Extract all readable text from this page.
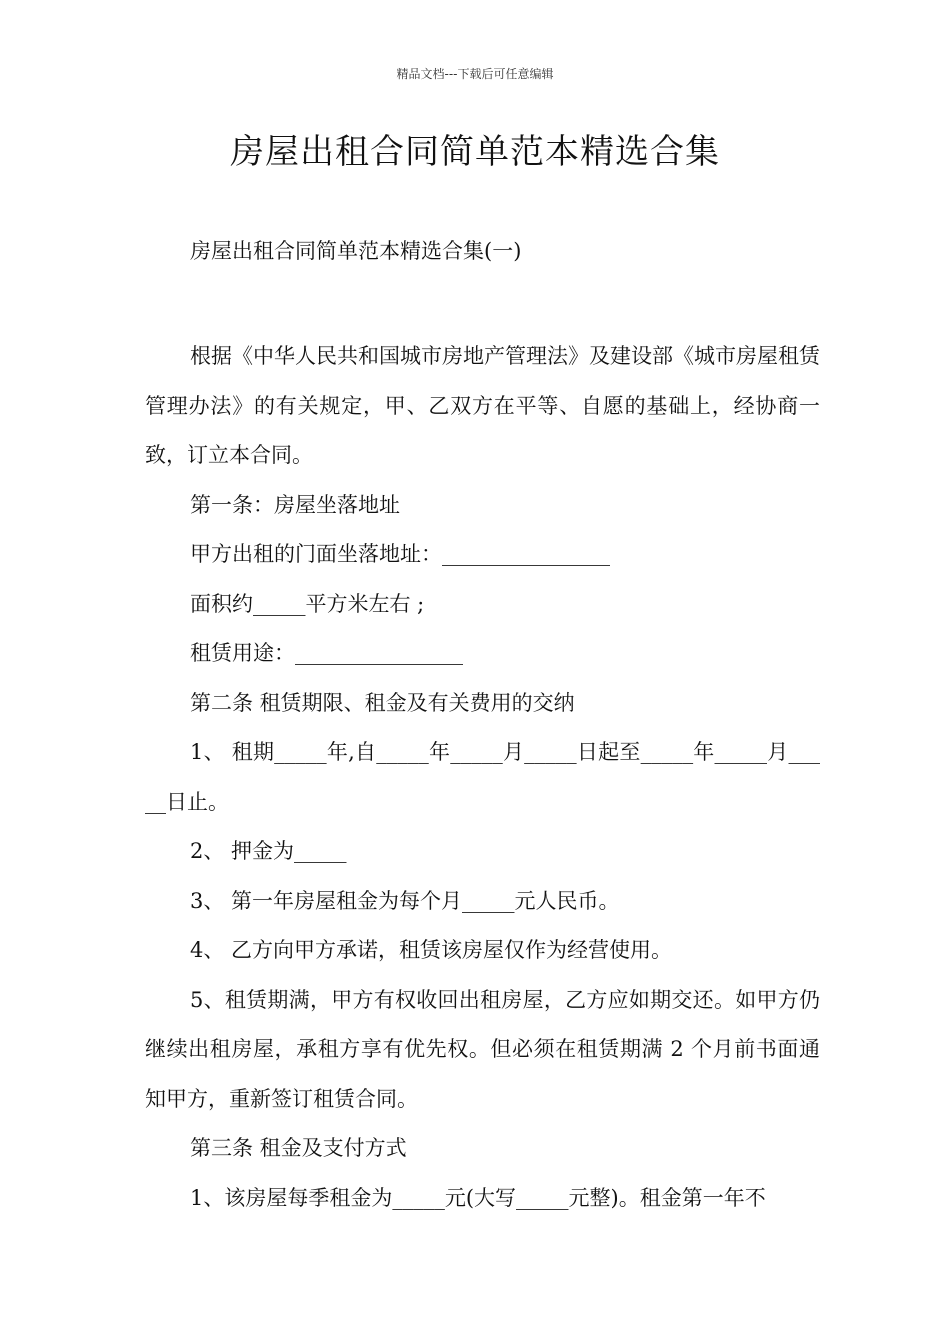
精品文档---下载后可任意编辑
房屋出租合同简单范本精选合集
房屋出租合同简单范本精选合集(一)

根据《中华人民共和国城市房地产管理法》及建设部《城市房屋租赁管理办法》的有关规定，甲、乙双方在平等、自愿的基础上，经协商一致，订立本合同。

第一条：房屋坐落地址

甲方出租的门面坐落地址：________________

面积约_____平方米左右 ;

租赁用途：________________

第二条 租赁期限、租金及有关费用的交纳

1、 租期_____年,自_____年_____月_____日起至_____年_____月_____日止。

2、 押金为_____

3、 第一年房屋租金为每个月_____元人民币。

4、 乙方向甲方承诺，租赁该房屋仅作为经营使用。

5、租赁期满，甲方有权收回出租房屋，乙方应如期交还。如甲方仍继续出租房屋，承租方享有优先权。但必须在租赁期满 2 个月前书面通知甲方，重新签订租赁合同。

第三条 租金及支付方式

1、该房屋每季租金为_____元(大写_____元整)。租金第一年不
